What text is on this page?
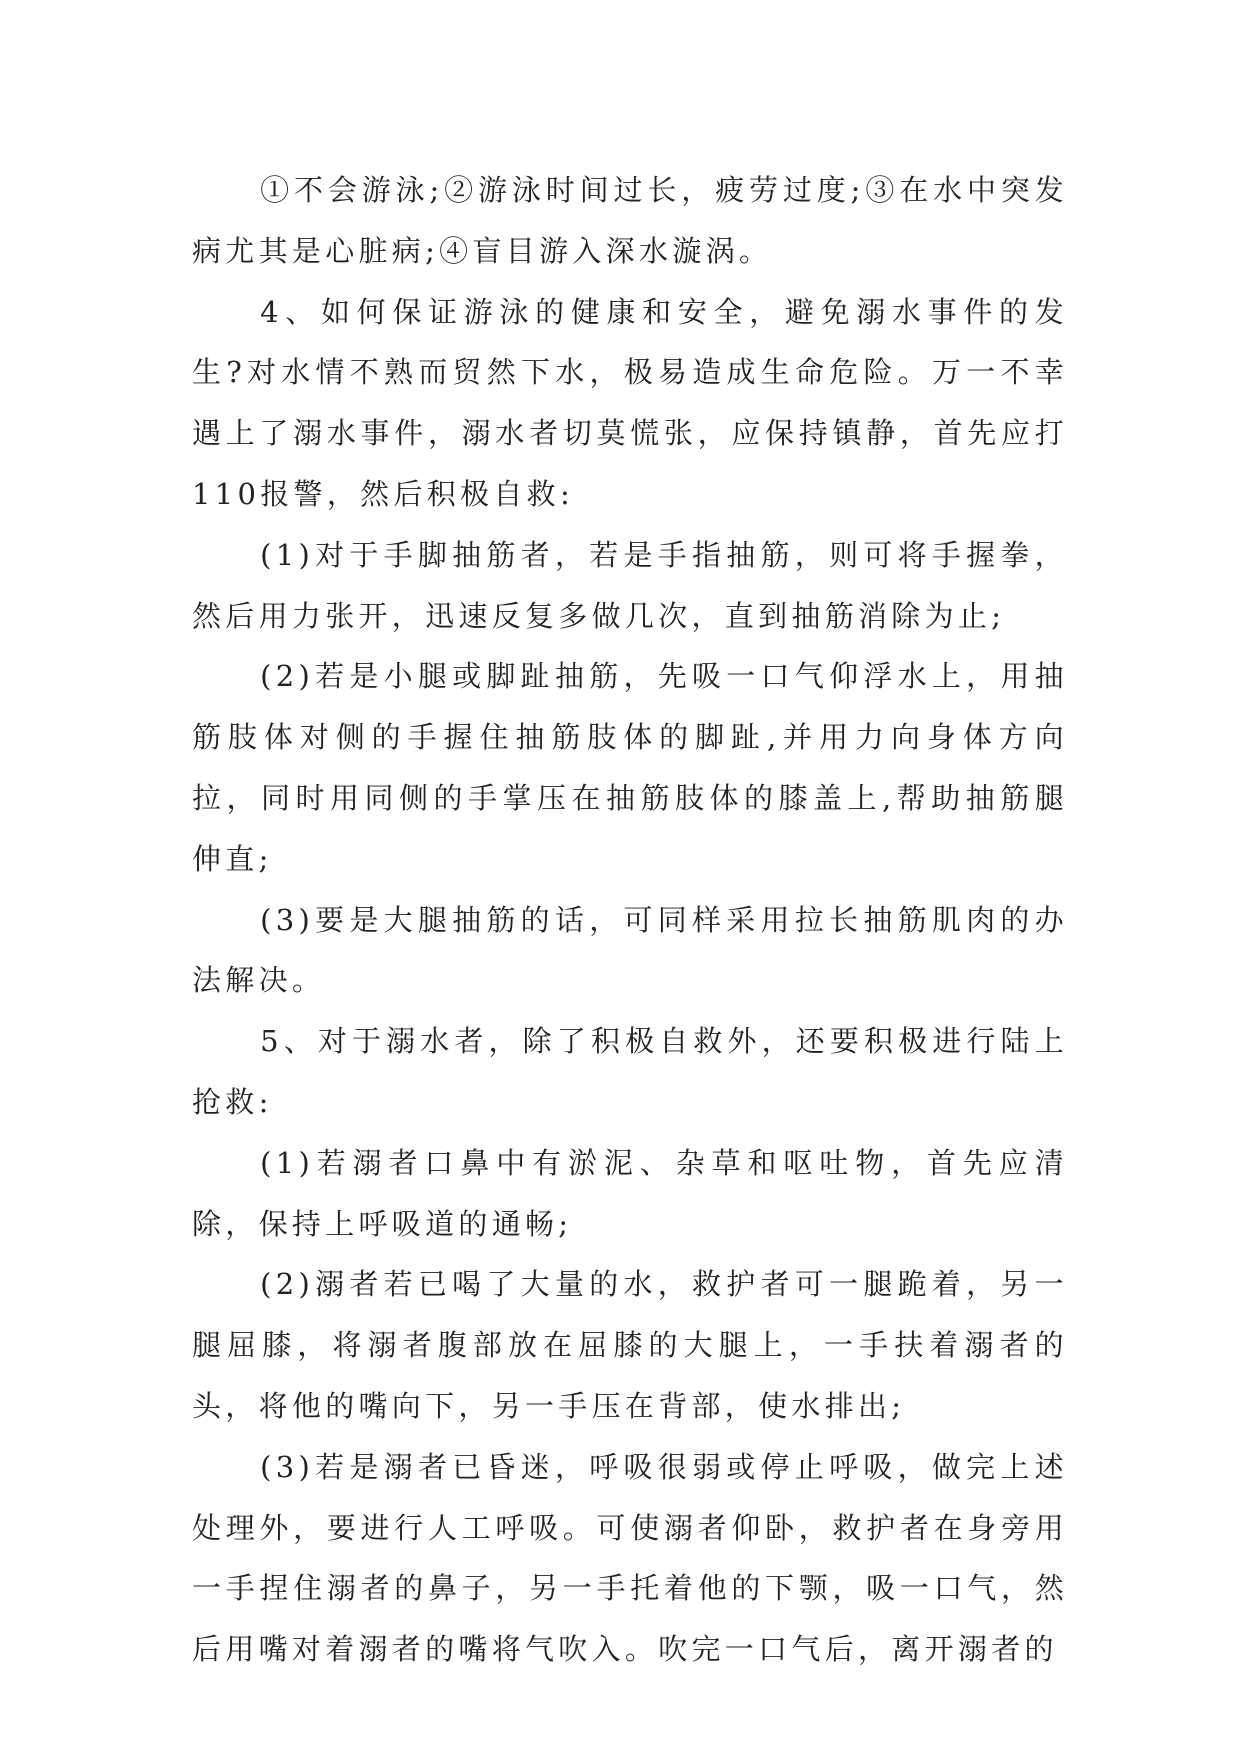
①不会游泳;②游泳时间过长，疲劳过度;③在水中突发病尤其是心脏病;④盲目游入深水漩涡。

4、如何保证游泳的健康和安全，避免溺水事件的发生?对水情不熟而贸然下水，极易造成生命危险。万一不幸遇上了溺水事件，溺水者切莫慌张，应保持镇静，首先应打110报警，然后积极自救:

(1)对于手脚抽筋者，若是手指抽筋，则可将手握拳，然后用力张开，迅速反复多做几次，直到抽筋消除为止;

(2)若是小腿或脚趾抽筋，先吸一口气仰浮水上，用抽筋肢体对侧的手握住抽筋肢体的脚趾,并用力向身体方向拉，同时用同侧的手掌压在抽筋肢体的膝盖上,帮助抽筋腿伸直;

(3)要是大腿抽筋的话，可同样采用拉长抽筋肌肉的办法解决。

5、对于溺水者，除了积极自救外，还要积极进行陆上抢救:

(1)若溺者口鼻中有淤泥、杂草和呕吐物，首先应清除，保持上呼吸道的通畅;

(2)溺者若已喝了大量的水，救护者可一腿跪着，另一腿屈膝，将溺者腹部放在屈膝的大腿上，一手扶着溺者的头，将他的嘴向下，另一手压在背部，使水排出;

(3)若是溺者已昏迷，呼吸很弱或停止呼吸，做完上述处理外，要进行人工呼吸。可使溺者仰卧，救护者在身旁用一手捏住溺者的鼻子，另一手托着他的下颚，吸一口气，然后用嘴对着溺者的嘴将气吹入。吹完一口气后，离开溺者的
